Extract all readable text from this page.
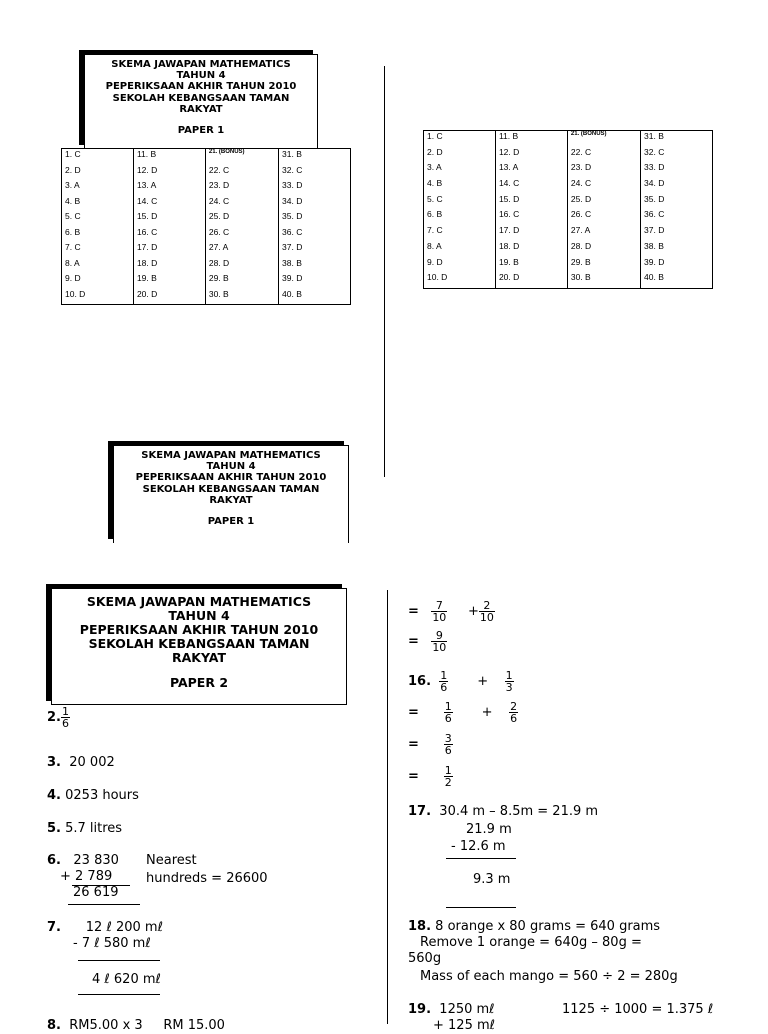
SKEMA JAWAPAN MATHEMATICS
TAHUN 4
PEPERIKSAAN AKHIR TAHUN 2010
SEKOLAH KEBANGSAAN TAMAN
RAKYAT
PAPER 1
1. C	11. B	21. (BONUS)	31. B
2. D	12. D	22. C	32. C
3. A	13. A	23. D	33. D
4. B	14. C	24. C	34. D
5. C	15. D	25. D	35. D
6. B	16. C	26. C	36. C
7. C	17. D	27. A	37. D
8. A	18. D	28. D	38. B
9. D	19. B	29. B	39. D
10. D	20. D	30. B	40. B
1. C	11. B	21. (BONUS)	31. B
2. D	12. D	22. C	32. C
3. A	13. A	23. D	33. D
4. B	14. C	24. C	34. D
5. C	15. D	25. D	35. D
6. B	16. C	26. C	36. C
7. C	17. D	27. A	37. D
8. A	18. D	28. D	38. B
9. D	19. B	29. B	39. D
10. D	20. D	30. B	40. B
SKEMA JAWAPAN MATHEMATICS
TAHUN 4
PEPERIKSAAN AKHIR TAHUN 2010
SEKOLAH KEBANGSAAN TAMAN
RAKYAT
PAPER 1
SKEMA JAWAPAN MATHEMATICS
TAHUN 4
PEPERIKSAAN AKHIR TAHUN 2010
SEKOLAH KEBANGSAAN TAMAN
RAKYAT
PAPER 2
2. $\frac{1}{6}$
3. 20 002
4. 0253 hours
5. 5.7 litres
6. 23 830
+ 2 789
26 619
Nearest
hundreds = 26600
7. 12 ℓ 200 mℓ
- 7 ℓ 580 mℓ
4 ℓ 620 mℓ
8. RM5.00 x 3 RM 15.00
= $\frac{7}{10} + \frac{2}{10}$
= $\frac{9}{10}$
16. $\frac{1}{6} + \frac{1}{3}$
= $\frac{1}{6} + \frac{2}{6}$
= $\frac{3}{6}$
= $\frac{1}{2}$
17. 30.4 m – 8.5m = 21.9 m
21.9 m
- 12.6 m
9.3 m
18. 8 orange x 80 grams = 640 grams
Remove 1 orange = 640g – 80g =
560g
Mass of each mango = 560 ÷ 2 = 280g
19. 1250 mℓ	1125 ÷ 1000 = 1.375 ℓ
+ 125 mℓ
